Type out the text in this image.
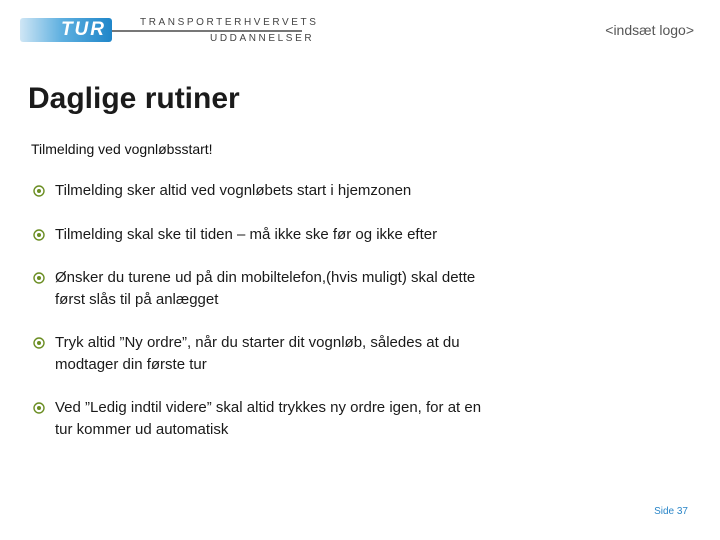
TUR	TRANSPORTERHVERVETS
UDDANNELSER
<indsæt logo>
Daglige rutiner
Tilmelding ved vognløbsstart!
Tilmelding sker altid ved vognløbets start i hjemzonen
Tilmelding skal ske til tiden – må ikke ske før og ikke efter
Ønsker du turene ud på din mobiltelefon,(hvis muligt) skal dette først slås til på anlægget
Tryk altid ”Ny ordre”, når du starter dit vognløb, således at du modtager din første tur
Ved ”Ledig indtil videre” skal altid trykkes ny ordre igen, for at en tur kommer ud automatisk
Side 37
